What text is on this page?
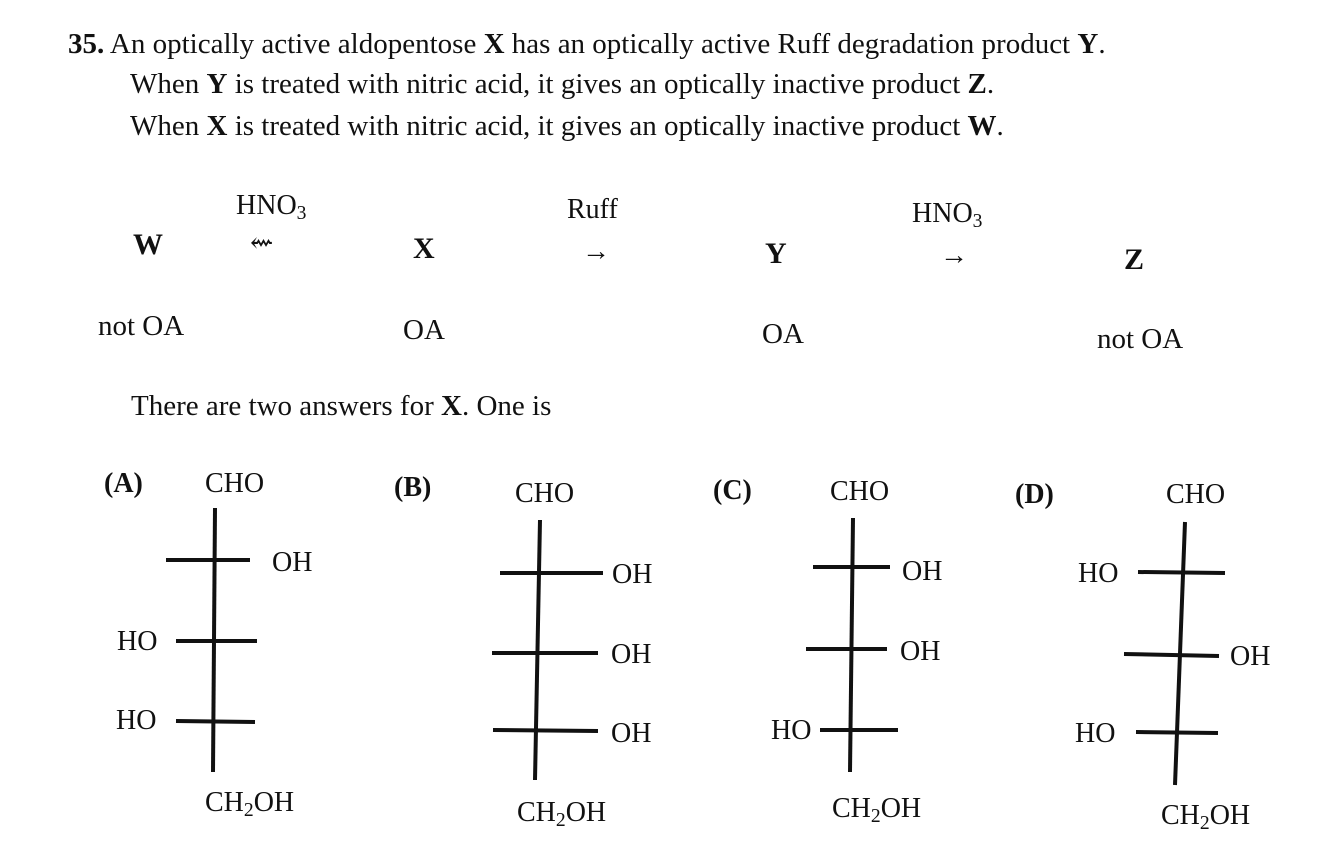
35. An optically active aldopentose X has an optically active Ruff degradation product Y.
When Y is treated with nitric acid, it gives an optically inactive product Z.
When X is treated with nitric acid, it gives an optically inactive product W.
$HNO_3$	Ruff	$HNO_3$
W	⇜	X	→	Y	→	Z
not OA	OA	OA	not OA
There are two answers for X. One is
(A) CHO
OH
HO
HO
$CH_2OH$
(B)	CHO
OH
OH
OH
$CH_2OH$
(C)	CHO
OH
OH
HO
$CH_2OH$
(D)	CHO
HO
OH
HO
$CH_2OH$
